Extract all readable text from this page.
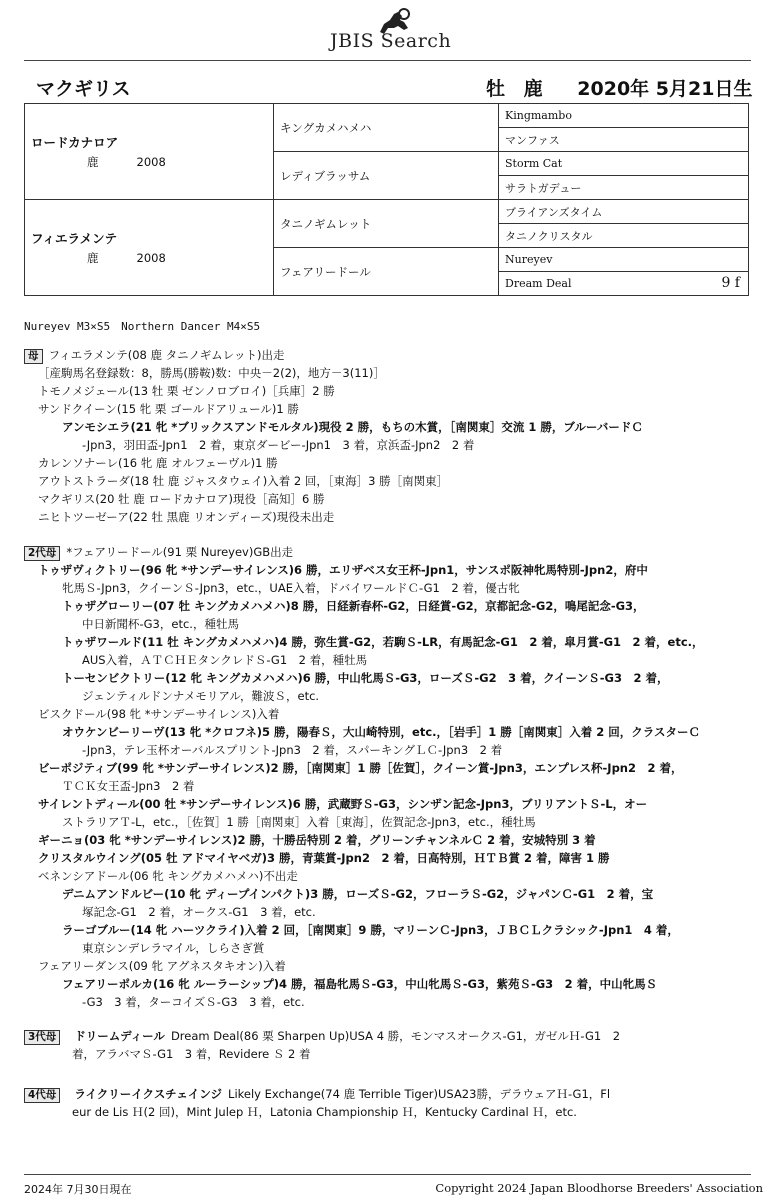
JBIS Search
マクギリス	牡 鹿 2020年 5月21日生
ロードカナロア
鹿 2008	キングカメハメハ	Kingmambo
		マンファス
	レディブラッサム	Storm Cat
		サラトガデュー

フィエラメンテ
鹿 2008	タニノギムレット	ブライアンズタイム
		タニノクリスタル
	フェアリードール	Nureyev
		Dream Deal 9 f
Nureyev M3×S5　Northern Dancer M4×S5
母 フィエラメンテ(08 鹿 タニノギムレット)出走
［産駒馬名登録数：8，勝馬(勝鞍)数：中央－2(2)，地方－3(11)］
トモノメジェール(13 牡 栗 ゼンノロブロイ)［兵庫］2 勝
サンドクイーン(15 牝 栗 ゴールドアリュール)1 勝
アンモシエラ(21 牝 *ブリックスアンドモルタル)現役 2 勝，もちの木賞，［南関東］交流 1 勝，ブルーバードＣ
-Jpn3，羽田盃-Jpn1　2 着，東京ダービー-Jpn1　3 着，京浜盃-Jpn2　2 着
カレンソナーレ(16 牝 鹿 オルフェーヴル)1 勝
アウトストラーダ(18 牡 鹿 ジャスタウェイ)入着 2 回，［東海］3 勝［南関東］
マクギリス(20 牡 鹿 ロードカナロア)現役［高知］6 勝
ニヒトツーゼーア(22 牡 黒鹿 リオンディーズ)現役未出走
2代母 *フェアリードール(91 栗 Nureyev)GB出走
トゥザヴィクトリー(96 牝 *サンデーサイレンス)6 勝，エリザベス女王杯-Jpn1，サンスポ阪神牝馬特別-Jpn2，府中
牝馬Ｓ-Jpn3，クイーンＳ-Jpn3，etc.，UAE入着，ドバイワールドＣ-G1　2 着，優古牝
トゥザグローリー(07 牡 キングカメハメハ)8 勝，日経新春杯-G2，日経賞-G2，京都記念-G2，鳴尾記念-G3，
中日新聞杯-G3，etc.，種牡馬
トゥザワールド(11 牡 キングカメハメハ)4 勝，弥生賞-G2，若駒Ｓ-LR，有馬記念-G1　2 着，皐月賞-G1　2 着，etc.，
AUS入着，ＡＴＣＨＥタンクレドＳ-G1　2 着，種牡馬
トーセンビクトリー(12 牝 キングカメハメハ)6 勝，中山牝馬Ｓ-G3，ローズＳ-G2　3 着，クイーンＳ-G3　2 着，
ジェンティルドンナメモリアル，難波Ｓ，etc.
ビスクドール(98 牝 *サンデーサイレンス)入着
オウケンビーリーヴ(13 牝 *クロフネ)5 勝，陽春Ｓ，大山崎特別，etc.，［岩手］1 勝［南関東］入着 2 回，クラスターＣ
-Jpn3，テレ玉杯オーバルスプリント-Jpn3　2 着，スパーキングＬＣ-Jpn3　2 着
ビーポジティブ(99 牝 *サンデーサイレンス)2 勝，［南関東］1 勝［佐賀］，クイーン賞-Jpn3，エンプレス杯-Jpn2　2 着，
ＴＣＫ女王盃-Jpn3　2 着
サイレントディール(00 牡 *サンデーサイレンス)6 勝，武蔵野Ｓ-G3，シンザン記念-Jpn3，ブリリアントＳ-L，オー
ストラリアＴ-L，etc.，［佐賀］1 勝［南関東］入着［東海］，佐賀記念-Jpn3，etc.，種牡馬
ギーニョ(03 牝 *サンデーサイレンス)2 勝，十勝岳特別 2 着，グリーンチャンネルＣ 2 着，安城特別 3 着
クリスタルウイング(05 牡 アドマイヤベガ)3 勝，青葉賞-Jpn2　2 着，日高特別，ＨＴＢ賞 2 着，障害 1 勝
ベネンシアドール(06 牝 キングカメハメハ)不出走
デニムアンドルビー(10 牝 ディープインパクト)3 勝，ローズＳ-G2，フローラＳ-G2，ジャパンＣ-G1　2 着，宝
塚記念-G1　2 着，オークス-G1　3 着，etc.
ラーゴブルー(14 牝 ハーツクライ)入着 2 回，［南関東］9 勝，マリーンＣ-Jpn3，ＪＢＣＬクラシック-Jpn1　4 着，
東京シンデレラマイル，しらさぎ賞
フェアリーダンス(09 牝 アグネスタキオン)入着
フェアリーポルカ(16 牝 ルーラーシップ)4 勝，福島牝馬Ｓ-G3，中山牝馬Ｓ-G3，紫苑Ｓ-G3　2 着，中山牝馬Ｓ
-G3　3 着，ターコイズＳ-G3　3 着，etc.
3代母 ドリームディール Dream Deal(86 栗 Sharpen Up)USA 4 勝，モンマスオークス-G1，ガゼルＨ-G1　2
着，アラバマＳ-G1　3 着，Revidere Ｓ 2 着
4代母 ライクリーイクスチェインジ Likely Exchange(74 鹿 Terrible Tiger)USA23勝，デラウェアＨ-G1，Fl
eur de Lis Ｈ(2 回)，Mint Julep Ｈ，Latonia Championship Ｈ，Kentucky Cardinal Ｈ，etc.
2024年 7月30日現在	Copyright 2024 Japan Bloodhorse Breeders' Association
